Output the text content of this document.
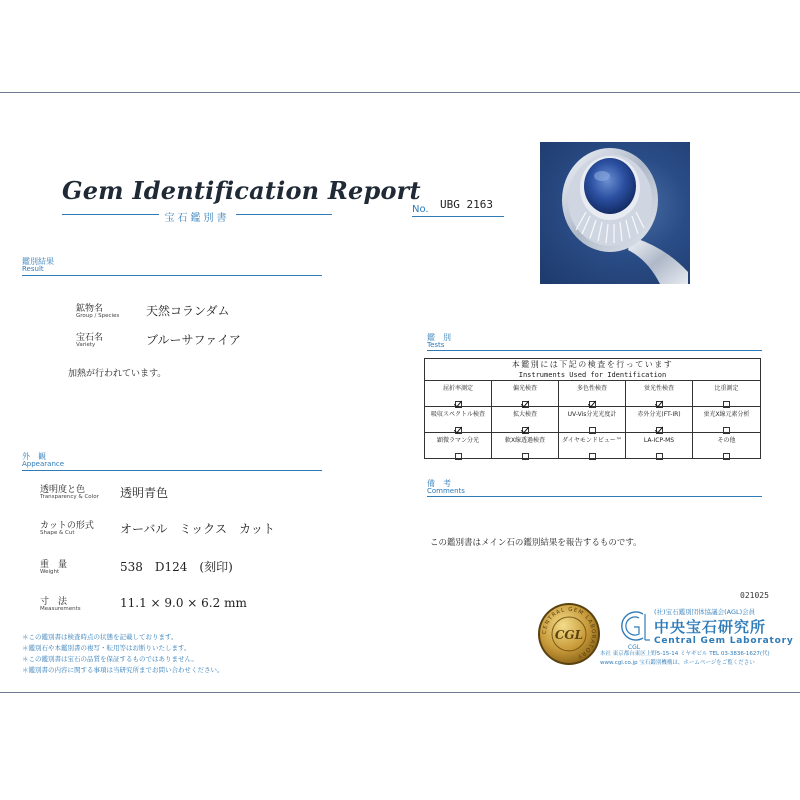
Gem Identification Report
宝石鑑別書
No. UBG 2163
鑑別結果
Result
鉱物名
Group / Species 天然コランダム
宝石名
Variety	ブルーサファイア
加熱が行われています。
外　観
Appearance
透明度と色
Transparency & Color 透明青色
カットの形式
Shape & Cut	オーバル　ミックス　カット
重　量
Weight	538　D124　(刻印)
寸　法
Measurements	11.1 × 9.0 × 6.2 mm
＊この鑑別書は検査時点の状態を記載しております。
＊鑑別石や本鑑別書の複写・転用等はお断りいたします。
＊この鑑別書は宝石の品質を保証するものではありません。
＊鑑別書の内容に関する事項は当研究所までお問い合わせください。
鑑　別
Tests
本鑑別には下記の検査を行っています
Instruments Used for Identification
屈折率測定	偏光検査	多色性検査	蛍光性検査	比重測定
吸収スペクトル検査	拡大検査	UV-Vis分光光度計	赤外分光(FT-IR)	蛍光X線元素分析
顕微ラマン分光	軟X線透過検査	ダイヤモンドビュー™	LA-ICP-MS	その他
備　考
Comments
この鑑別書はメイン石の鑑別結果を報告するものです。
021025
CENTRAL GEM LABORATORY
CGL
CGL
(社)宝石鑑別団体協議会(AGL)会員
中央宝石研究所
Central Gem Laboratory
本社 東京都台東区上野5-15-14 ミヤギビル TEL 03-3836-1627(代)
www.cgl.co.jp 宝石鑑別機構は、ホームページをご覧ください
